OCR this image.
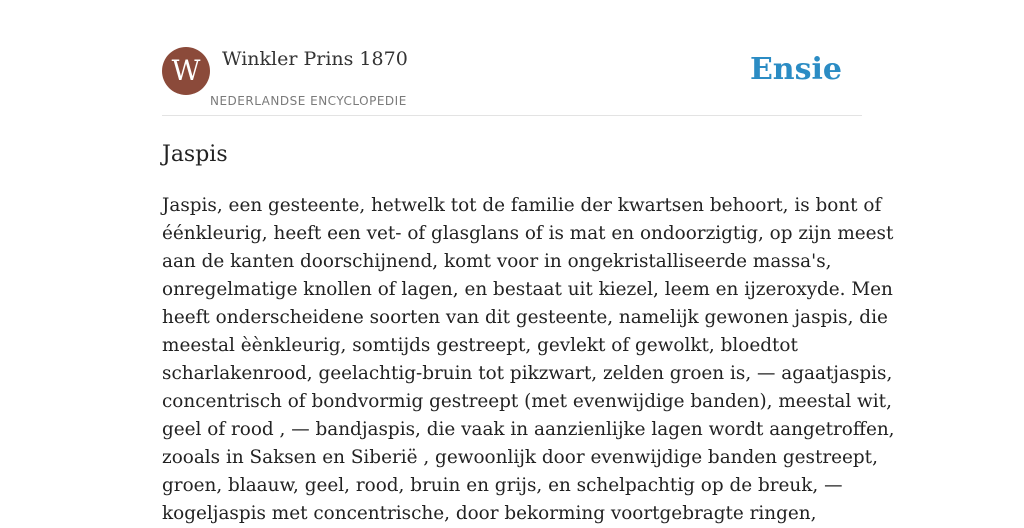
W	Winkler Prins 1870
NEDERLANDSE ENCYCLOPEDIE
Ensie
Jaspis
Jaspis, een gesteente, hetwelk tot de familie der kwartsen behoort, is bont of
éénkleurig, heeft een vet- of glasglans of is mat en ondoorzigtig, op zijn meest
aan de kanten doorschijnend, komt voor in ongekristalliseerde massa's,
onregelmatige knollen of lagen, en bestaat uit kiezel, leem en ijzeroxyde. Men
heeft onderscheidene soorten van dit gesteente, namelijk gewonen jaspis, die
meestal èènkleurig, somtijds gestreept, gevlekt of gewolkt, bloedtot
scharlakenrood, geelachtig-bruin tot pikzwart, zelden groen is, — agaatjaspis,
concentrisch of bondvormig gestreept (met evenwijdige banden), meestal wit,
geel of rood , — bandjaspis, die vaak in aanzienlijke lagen wordt aangetroffen,
zooals in Saksen en Siberië , gewoonlijk door evenwijdige banden gestreept,
groen, blaauw, geel, rood, bruin en grijs, en schelpachtig op de breuk, —
kogeljaspis met concentrische, door bekorming voortgebragte ringen,
